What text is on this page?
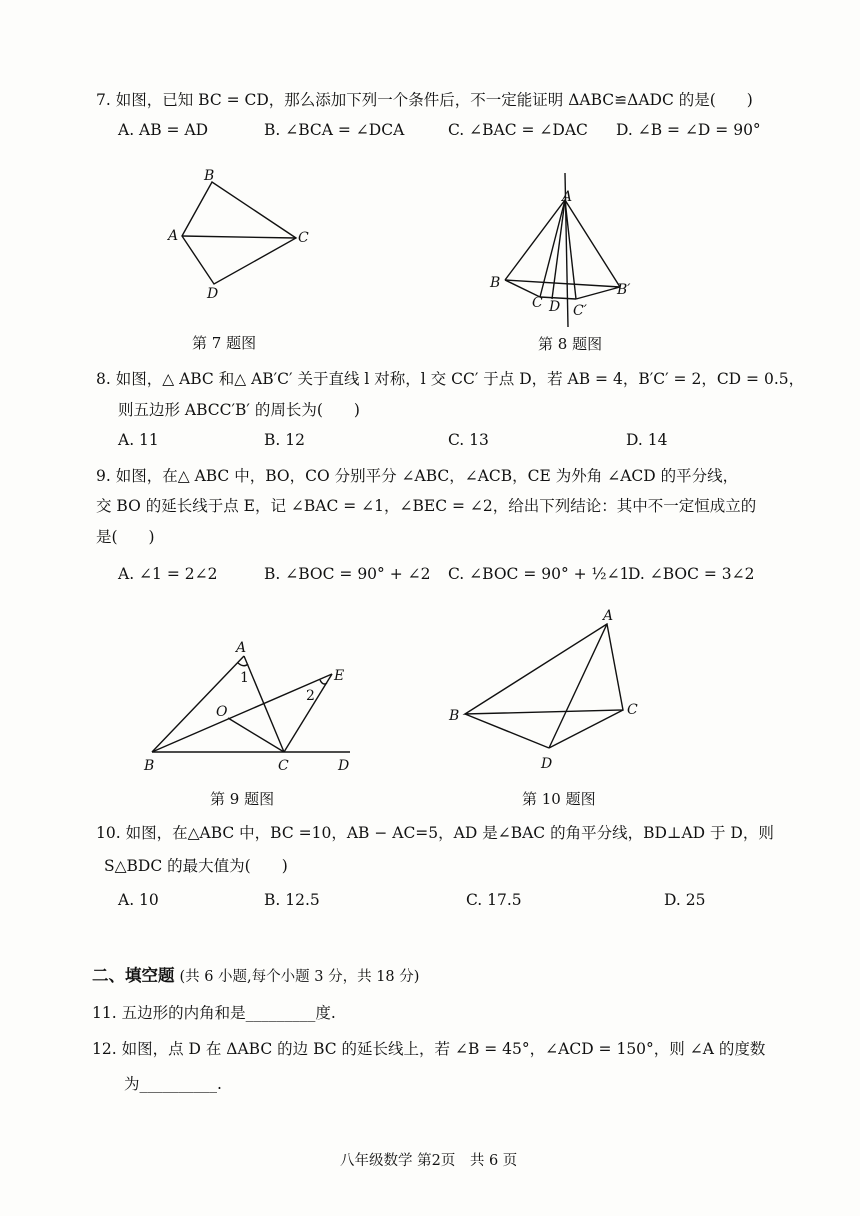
7. 如图，已知 BC = CD，那么添加下列一个条件后，不一定能证明 ΔABC≌ΔADC 的是(　　)
A. AB = AD	B. ∠BCA = ∠DCA	C. ∠BAC = ∠DAC D. ∠B = ∠D = 90°
B
A	C
D
第 7 题图
A
B
C D C′
B′
第 8 题图
8. 如图，△ ABC 和△ AB′C′ 关于直线 l 对称，l 交 CC′ 于点 D，若 AB = 4，B′C′ = 2，CD = 0.5，
则五边形 ABCC′B′ 的周长为(　　)
A. 11	B. 12	C. 13	D. 14
9. 如图，在△ ABC 中，BO，CO 分别平分 ∠ABC，∠ACB，CE 为外角 ∠ACD 的平分线，
交 BO 的延长线于点 E，记 ∠BAC = ∠1，∠BEC = ∠2，给出下列结论：其中不一定恒成立的
是(　　)
A. ∠1 = 2∠2	B. ∠BOC = 90° + ∠2 C. ∠BOC = 90° + ½∠1
D. ∠BOC = 3∠2
A
1	E
2
O
B	C	D
第 9 题图
A
B	C
D
第 10 题图
10. 如图，在△ABC 中，BC =10，AB − AC=5，AD 是∠BAC 的角平分线，BD⊥AD 于 D，则
S△BDC 的最大值为(　　)
A. 10	B. 12.5	C. 17.5	D. 25
二、填空题 (共 6 小题,每个小题 3 分，共 18 分)
11. 五边形的内角和是_________度.
12. 如图，点 D 在 ΔABC 的边 BC 的延长线上，若 ∠B = 45°，∠ACD = 150°，则 ∠A 的度数
为__________.
八年级数学 第2页　共 6 页
